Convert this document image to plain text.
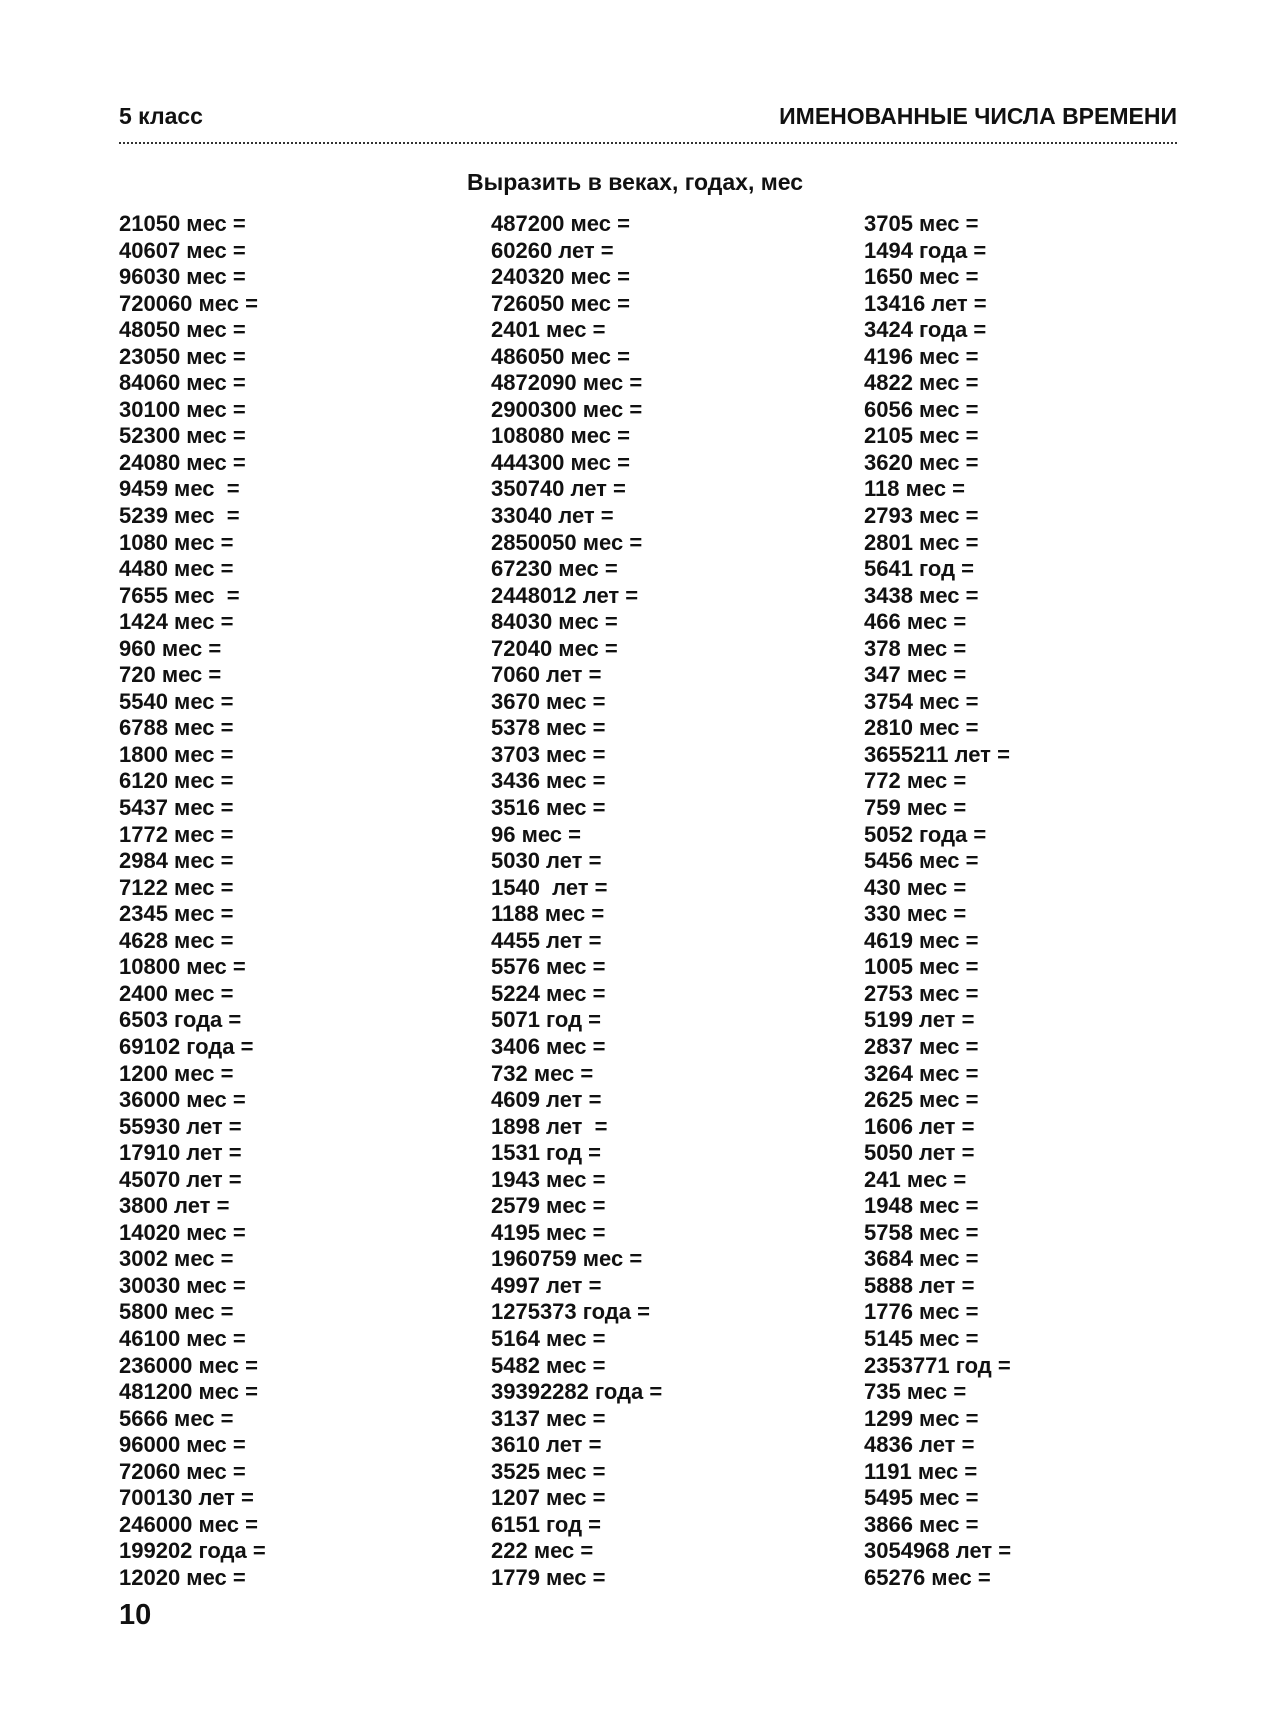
5 класс	ИМЕНОВАННЫЕ ЧИСЛА ВРЕМЕНИ
Выразить в веках, годах, мес
21050 мес =
40607 мес =
96030 мес =
720060 мес =
48050 мес =
23050 мес =
84060 мес =
30100 мес =
52300 мес =
24080 мес =
9459 мес  =
5239 мес  =
1080 мес =
4480 мес =
7655 мес  =
1424 мес =
960 мес =
720 мес =
5540 мес =
6788 мес =
1800 мес =
6120 мес =
5437 мес =
1772 мес =
2984 мес =
7122 мес =
2345 мес =
4628 мес =
10800 мес =
2400 мес =
6503 года =
69102 года =
1200 мес =
36000 мес =
55930 лет =
17910 лет =
45070 лет =
3800 лет =
14020 мес =
3002 мес =
30030 мес =
5800 мес =
46100 мес =
236000 мес =
481200 мес =
5666 мес =
96000 мес =
72060 мес =
700130 лет =
246000 мес =
199202 года =
12020 мес =
487200 мес =
60260 лет =
240320 мес =
726050 мес =
2401 мес =
486050 мес =
4872090 мес =
2900300 мес =
108080 мес =
444300 мес =
350740 лет =
33040 лет =
2850050 мес =
67230 мес =
2448012 лет =
84030 мес =
72040 мес =
7060 лет =
3670 мес =
5378 мес =
3703 мес =
3436 мес =
3516 мес =
96 мес =
5030 лет =
1540  лет =
1188 мес =
4455 лет =
5576 мес =
5224 мес =
5071 год =
3406 мес =
732 мес =
4609 лет =
1898 лет  =
1531 год =
1943 мес =
2579 мес =
4195 мес =
1960759 мес =
4997 лет =
1275373 года =
5164 мес =
5482 мес =
39392282 года =
3137 мес =
3610 лет =
3525 мес =
1207 мес =
6151 год =
222 мес =
1779 мес =
3705 мес =
1494 года =
1650 мес =
13416 лет =
3424 года =
4196 мес =
4822 мес =
6056 мес =
2105 мес =
3620 мес =
118 мес =
2793 мес =
2801 мес =
5641 год =
3438 мес =
466 мес =
378 мес =
347 мес =
3754 мес =
2810 мес =
3655211 лет =
772 мес =
759 мес =
5052 года =
5456 мес =
430 мес =
330 мес =
4619 мес =
1005 мес =
2753 мес =
5199 лет =
2837 мес =
3264 мес =
2625 мес =
1606 лет =
5050 лет =
241 мес =
1948 мес =
5758 мес =
3684 мес =
5888 лет =
1776 мес =
5145 мес =
2353771 год =
735 мес =
1299 мес =
4836 лет =
1191 мес =
5495 мес =
3866 мес =
3054968 лет =
65276 мес =
10
